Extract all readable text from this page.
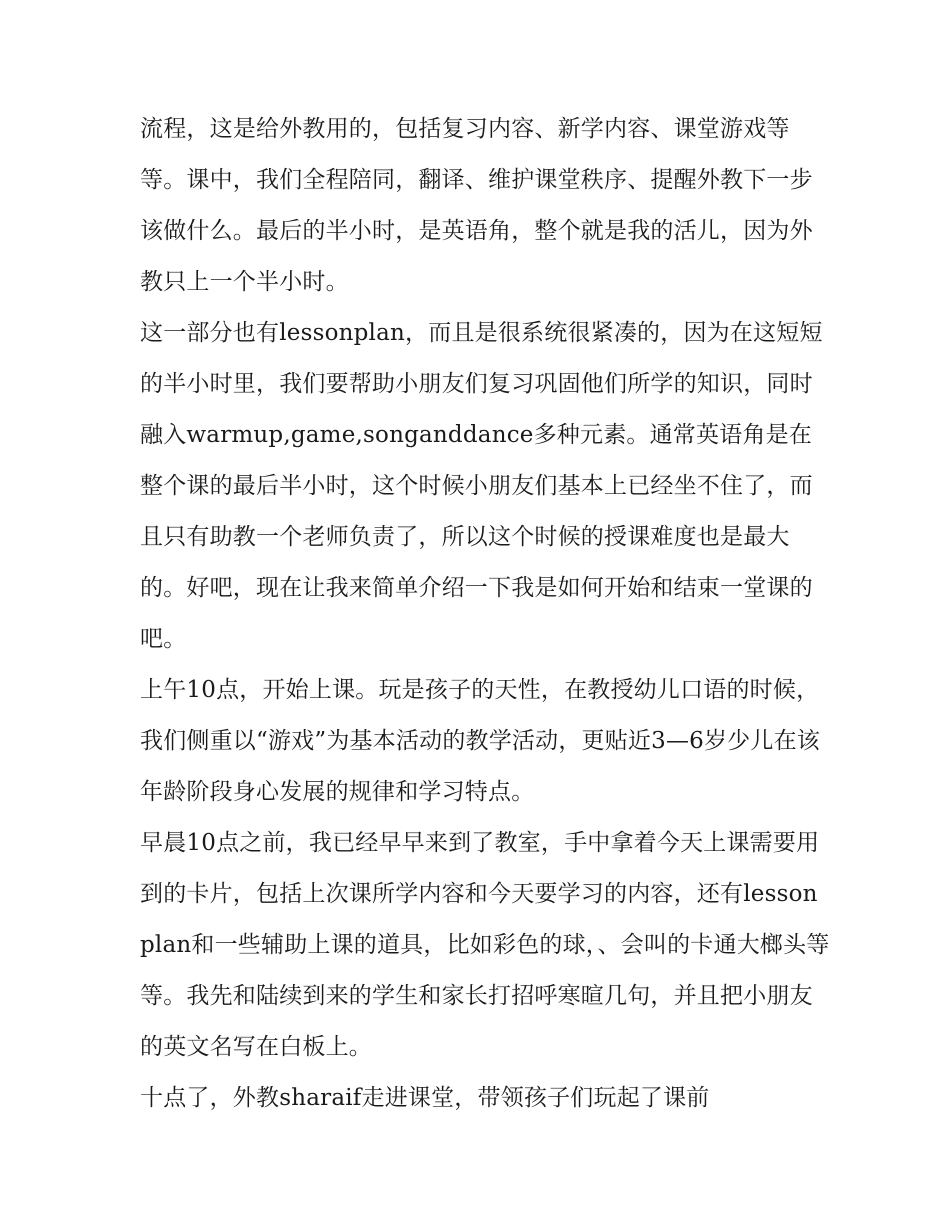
流程，这是给外教用的，包括复习内容、新学内容、课堂游戏等等。课中，我们全程陪同，翻译、维护课堂秩序、提醒外教下一步该做什么。最后的半小时，是英语角，整个就是我的活儿，因为外教只上一个半小时。

这一部分也有lessonplan，而且是很系统很紧凑的，因为在这短短的半小时里，我们要帮助小朋友们复习巩固他们所学的知识，同时融入warmup,game,songanddance多种元素。通常英语角是在整个课的最后半小时，这个时候小朋友们基本上已经坐不住了，而且只有助教一个老师负责了，所以这个时候的授课难度也是最大的。好吧，现在让我来简单介绍一下我是如何开始和结束一堂课的吧。

上午10点，开始上课。玩是孩子的天性，在教授幼儿口语的时候，我们侧重以“游戏”为基本活动的教学活动，更贴近3—6岁少儿在该年龄阶段身心发展的规律和学习特点。

早晨10点之前，我已经早早来到了教室，手中拿着今天上课需要用到的卡片，包括上次课所学内容和今天要学习的内容，还有lessonplan和一些辅助上课的道具，比如彩色的球，、会叫的卡通大榔头等等。我先和陆续到来的学生和家长打招呼寒暄几句，并且把小朋友的英文名写在白板上。

十点了，外教sharaif走进课堂，带领孩子们玩起了课前
